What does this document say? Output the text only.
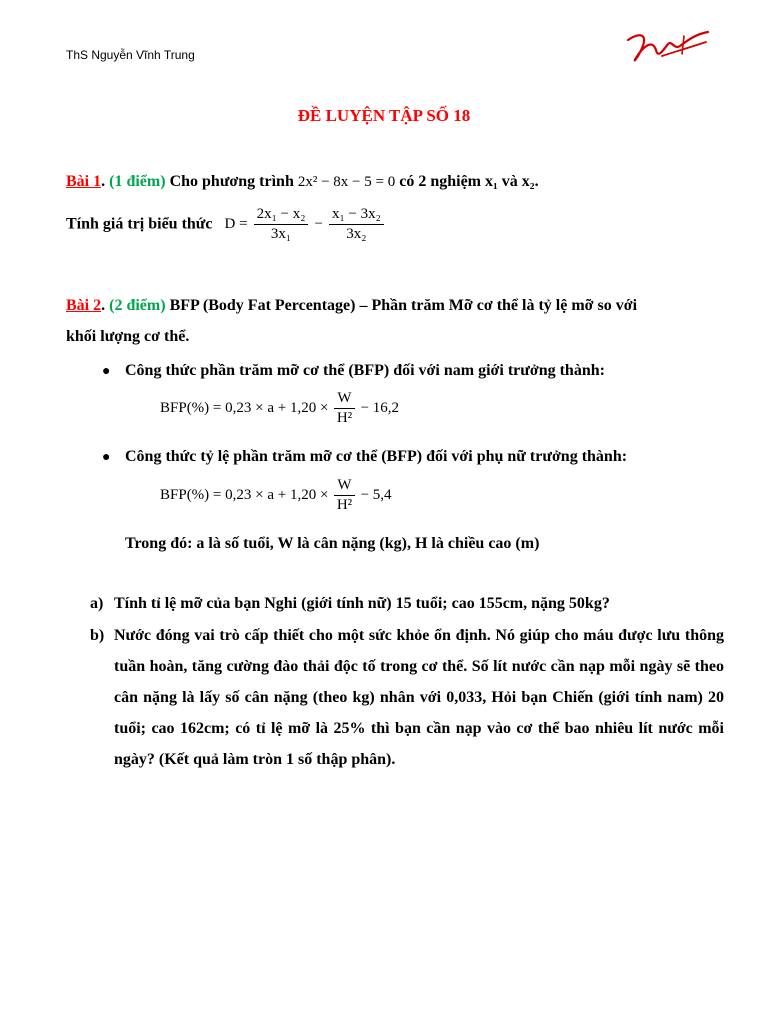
ThS Nguyễn Vĩnh Trung
ĐỀ LUYỆN TẬP SỐ 18
Bài 1. (1 điểm) Cho phương trình 2x² − 8x − 5 = 0 có 2 nghiệm x₁ và x₂.
Tính giá trị biểu thức $D = \frac{\text{2x₁ − x₂}}{\text{3x₁}} - \frac{\text{x₁ − 3x₂}}{\text{3x₂}}$
Bài 2. (2 điểm) BFP (Body Fat Percentage) – Phần trăm Mỡ cơ thể là tỷ lệ mỡ so với
khối lượng cơ thể.
● Công thức phần trăm mỡ cơ thể (BFP) đối với nam giới trưởng thành:
$BFP(\%) = 0,23 \times a + 1,20 \times \frac{W}{\text{H²}} - 16,2$
● Công thức tỷ lệ phần trăm mỡ cơ thể (BFP) đối với phụ nữ trưởng thành:
$BFP(\%) = 0,23 \times a + 1,20 \times \frac{W}{\text{H²}} - 5,4$
Trong đó: a là số tuổi, W là cân nặng (kg), H là chiều cao (m)
a) Tính tỉ lệ mỡ của bạn Nghi (giới tính nữ) 15 tuổi; cao 155cm, nặng 50kg?
b) Nước đóng vai trò cấp thiết cho một sức khỏe ổn định. Nó giúp cho máu được lưu thông tuần hoàn, tăng cường đào thải độc tố trong cơ thể. Số lít nước cần nạp mỗi ngày sẽ theo cân nặng là lấy số cân nặng (theo kg) nhân với 0,033, Hỏi bạn Chiến (giới tính nam) 20 tuổi; cao 162cm; có tỉ lệ mỡ là 25% thì bạn cần nạp vào cơ thể bao nhiêu lít nước mỗi ngày? (Kết quả làm tròn 1 số thập phân).
